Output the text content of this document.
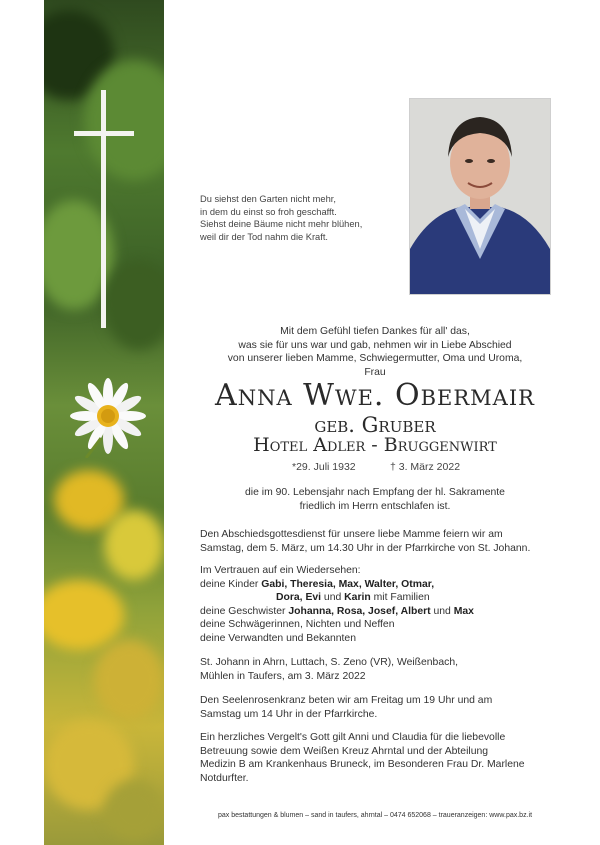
Du siehst den Garten nicht mehr,
in dem du einst so froh geschafft.
Siehst deine Bäume nicht mehr blühen,
weil dir der Tod nahm die Kraft.
Mit dem Gefühl tiefen Dankes für all' das,
was sie für uns war und gab, nehmen wir in Liebe Abschied
von unserer lieben Mamme, Schwiegermutter, Oma und Uroma,
Frau
Anna Wwe. Obermair
geb. Gruber
Hotel Adler - Bruggenwirt
*29. Juli 1932	† 3. März 2022
die im 90. Lebensjahr nach Empfang der hl. Sakramente
friedlich im Herrn entschlafen ist.
Den Abschiedsgottesdienst für unsere liebe Mamme feiern wir am
Samstag, dem 5. März, um 14.30 Uhr in der Pfarrkirche von St. Johann.
Im Vertrauen auf ein Wiedersehen:
deine Kinder Gabi, Theresia, Max, Walter, Otmar,
Dora, Evi und Karin mit Familien
deine Geschwister Johanna, Rosa, Josef, Albert und Max
deine Schwägerinnen, Nichten und Neffen
deine Verwandten und Bekannten
St. Johann in Ahrn, Luttach, S. Zeno (VR), Weißenbach,
Mühlen in Taufers, am 3. März 2022
Den Seelenrosenkranz beten wir am Freitag um 19 Uhr und am
Samstag um 14 Uhr in der Pfarrkirche.
Ein herzliches Vergelt's Gott gilt Anni und Claudia für die liebevolle
Betreuung sowie dem Weißen Kreuz Ahrntal und der Abteilung
Medizin B am Krankenhaus Bruneck, im Besonderen Frau Dr. Marlene
Notdurfter.
pax bestattungen & blumen – sand in taufers, ahrntal – 0474 652068 – traueranzeigen: www.pax.bz.it
